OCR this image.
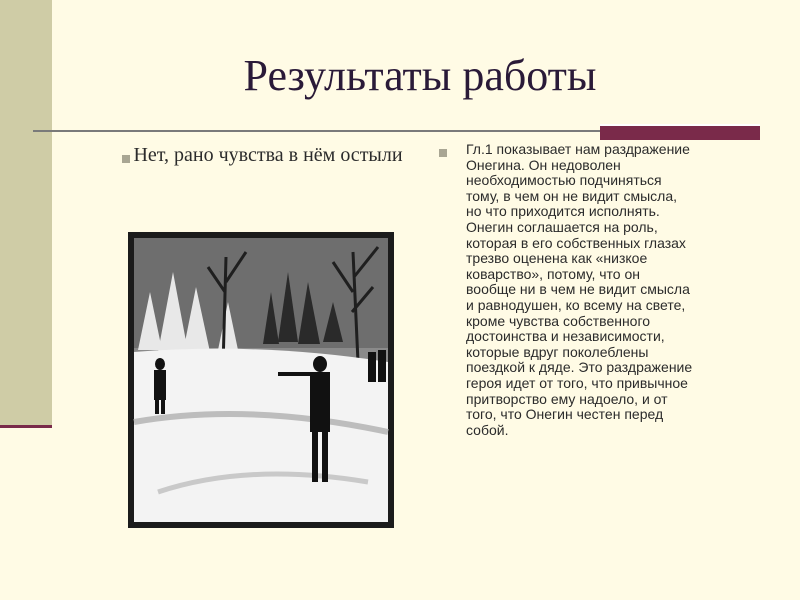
Результаты работы
Нет, рано чувства в нём остыли	Гл.1 показывает нам раздражение
Онегина. Он недоволен
необходимостью подчиняться
тому, в чем он не видит смысла,
но что приходится исполнять.
Онегин соглашается на роль,
которая в его собственных глазах
трезво оценена как «низкое
коварство», потому, что он
вообще ни в чем не видит смысла
и равнодушен, ко всему на свете,
кроме чувства собственного
достоинства и независимости,
которые вдруг поколеблены
поездкой к дяде. Это раздражение
героя идет от того, что привычное
притворство ему надоело, и от
того, что Онегин честен перед
собой.
